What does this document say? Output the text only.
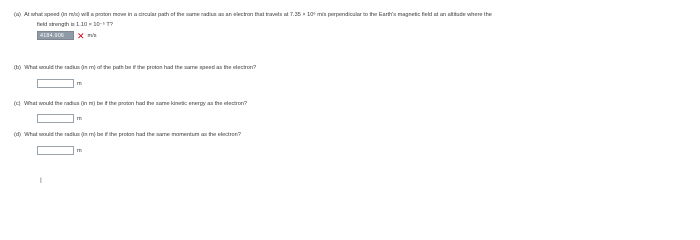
(a) At what speed (in m/s) will a proton move in a circular path of the same radius as an electron that travels at 7.35 × 10⁶ m/s perpendicular to the Earth's magnetic field at an altitude where the
field strength is 1.10 × 10⁻⁵ T?
4184.906	✕ m/s
(b) What would the radius (in m) of the path be if the proton had the same speed as the electron?
m
(c) What would the radius (in m) be if the proton had the same kinetic energy as the electron?
m
(d) What would the radius (in m) be if the proton had the same momentum as the electron?
m
ǀ
